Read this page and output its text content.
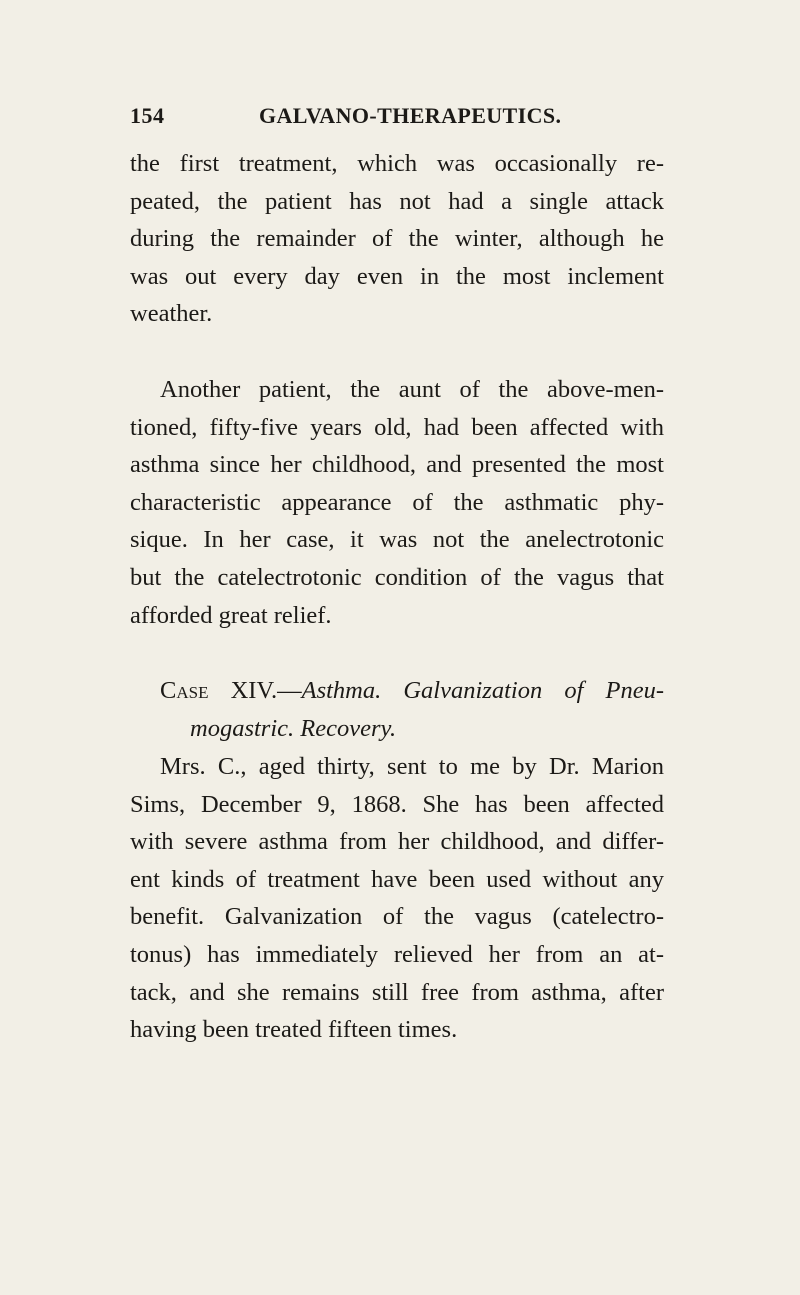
154	GALVANO-THERAPEUTICS.
the first treatment, which was occasionally re-
peated, the patient has not had a single attack
during the remainder of the winter, although he
was out every day even in the most inclement
weather.
Another patient, the aunt of the above-men-
tioned, fifty-five years old, had been affected with
asthma since her childhood, and presented the most
characteristic appearance of the asthmatic phy-
sique. In her case, it was not the anelectrotonic
but the catelectrotonic condition of the vagus that
afforded great relief.
Case XIV.—Asthma. Galvanization of Pneu-
mogastric. Recovery.
Mrs. C., aged thirty, sent to me by Dr. Marion
Sims, December 9, 1868. She has been affected
with severe asthma from her childhood, and differ-
ent kinds of treatment have been used without any
benefit. Galvanization of the vagus (catelectro-
tonus) has immediately relieved her from an at-
tack, and she remains still free from asthma, after
having been treated fifteen times.
